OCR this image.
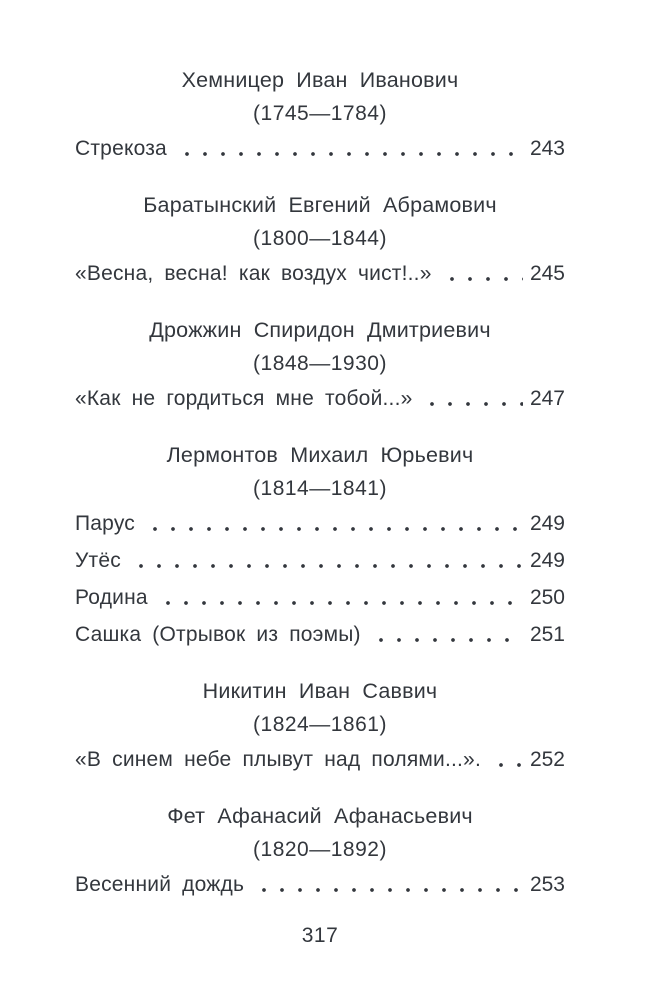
Хемницер Иван Иванович
(1745—1784)
Стрекоза	243
Баратынский Евгений Абрамович
(1800—1844)
«Весна, весна! как воздух чист!..»	245
Дрожжин Спиридон Дмитриевич
(1848—1930)
«Как не гордиться мне тобой...»	247
Лермонтов Михаил Юрьевич
(1814—1841)
Парус	249
Утёс	249
Родина	250
Сашка (Отрывок из поэмы)	251
Никитин Иван Саввич
(1824—1861)
«В синем небе плывут над полями...». 252
Фет Афанасий Афанасьевич
(1820—1892)
Весенний дождь	253
317
